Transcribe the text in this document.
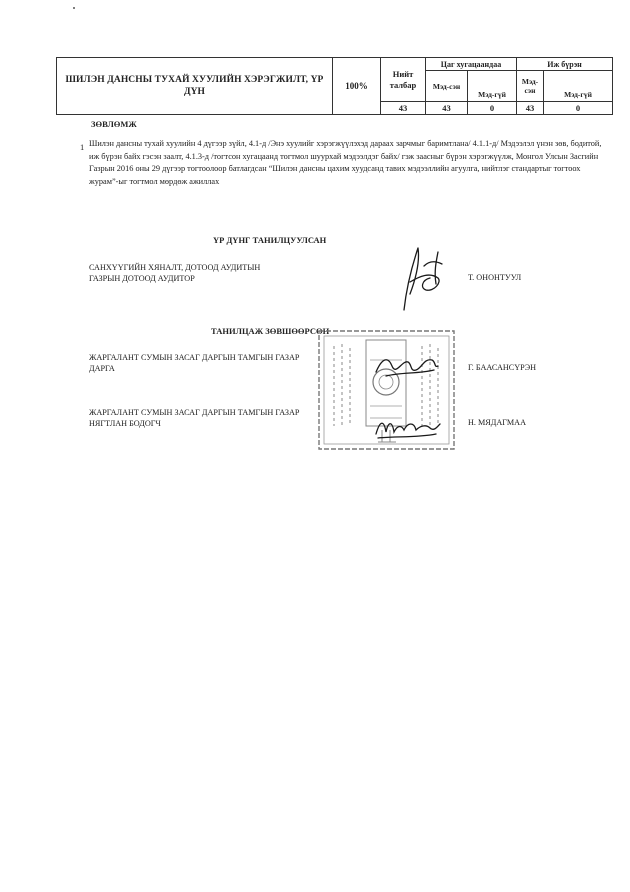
ШИЛЭН ДАНСНЫ ТУХАЙ ХУУЛИЙН ХЭРЭГЖИЛТ, ҮР ДҮН	100%	Нийт талбар	Цаг хугацаандаа		Иж бүрэн	
			Мэд-сэн	Мэд-гүй	Мэд-сэн	Мэд-гүй
		43	43	0	43	0
ЗӨВЛӨМЖ
1 Шилэн дансны тухай хуулийн 4 дүгээр зүйл, 4.1-д /Энэ хуулийг хэрэгжүүлэхэд дараах зарчмыг баримтлана/ 4.1.1-д/ Мэдээлэл үнэн зөв, бодитой, иж бүрэн байх гэсэн заалт, 4.1.3-д /тогтсон хугацаанд тогтмол шуурхай мэдээлдэг байх/ гэж заасныг бүрэн хэрэгжүүлж, Монгол Улсын Засгийн Газрын 2016 оны 29 дүгээр тогтоолоор батлагдсан “Шилэн дансны цахим хуудсанд тавих мэдээллийн агуулга, нийтлэг стандартыг тогтоох журам”-ыг тогтмол мөрдөж ажиллах
ҮР ДҮНГ ТАНИЛЦУУЛСАН
САНХҮҮГИЙН ХЯНАЛТ, ДОТООД АУДИТЫН
ГАЗРЫН ДОТООД АУДИТОР	Т. ОНОНТУУЛ
ТАНИЛЦАЖ ЗӨВШӨӨРСӨН
ЖАРГАЛАНТ СУМЫН ЗАСАГ ДАРГЫН ТАМГЫН ГАЗАР
ДАРГА	Г. БААСАНСҮРЭН
ЖАРГАЛАНТ СУМЫН ЗАСАГ ДАРГЫН ТАМГЫН ГАЗАР
НЯГТЛАН БОДОГЧ	Н. МЯДАГМАА
